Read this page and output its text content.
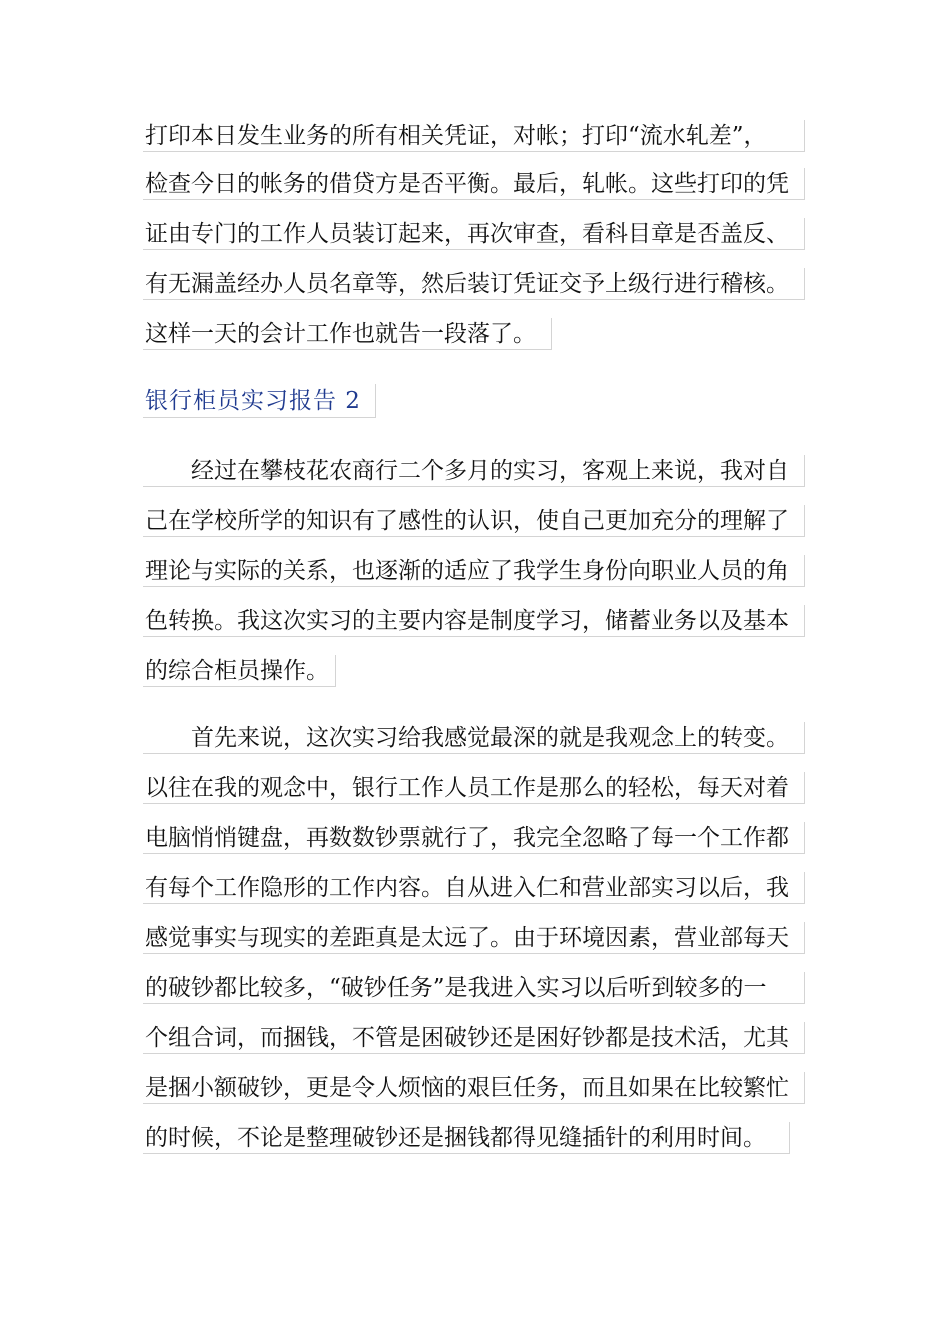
打印本日发生业务的所有相关凭证，对帐；打印“流水轧差”，
检查今日的帐务的借贷方是否平衡。最后，轧帐。这些打印的凭
证由专门的工作人员装订起来，再次审查，看科目章是否盖反、
有无漏盖经办人员名章等，然后装订凭证交予上级行进行稽核。
这样一天的会计工作也就告一段落了。
银行柜员实习报告 2
　　经过在攀枝花农商行二个多月的实习，客观上来说，我对自
己在学校所学的知识有了感性的认识，使自己更加充分的理解了
理论与实际的关系，也逐渐的适应了我学生身份向职业人员的角
色转换。我这次实习的主要内容是制度学习，储蓄业务以及基本
的综合柜员操作。
　　首先来说，这次实习给我感觉最深的就是我观念上的转变。
以往在我的观念中，银行工作人员工作是那么的轻松，每天对着
电脑悄悄键盘，再数数钞票就行了，我完全忽略了每一个工作都
有每个工作隐形的工作内容。自从进入仁和营业部实习以后，我
感觉事实与现实的差距真是太远了。由于环境因素，营业部每天
的破钞都比较多，“破钞任务”是我进入实习以后听到较多的一
个组合词，而捆钱，不管是困破钞还是困好钞都是技术活，尤其
是捆小额破钞，更是令人烦恼的艰巨任务，而且如果在比较繁忙
的时候，不论是整理破钞还是捆钱都得见缝插针的利用时间。
